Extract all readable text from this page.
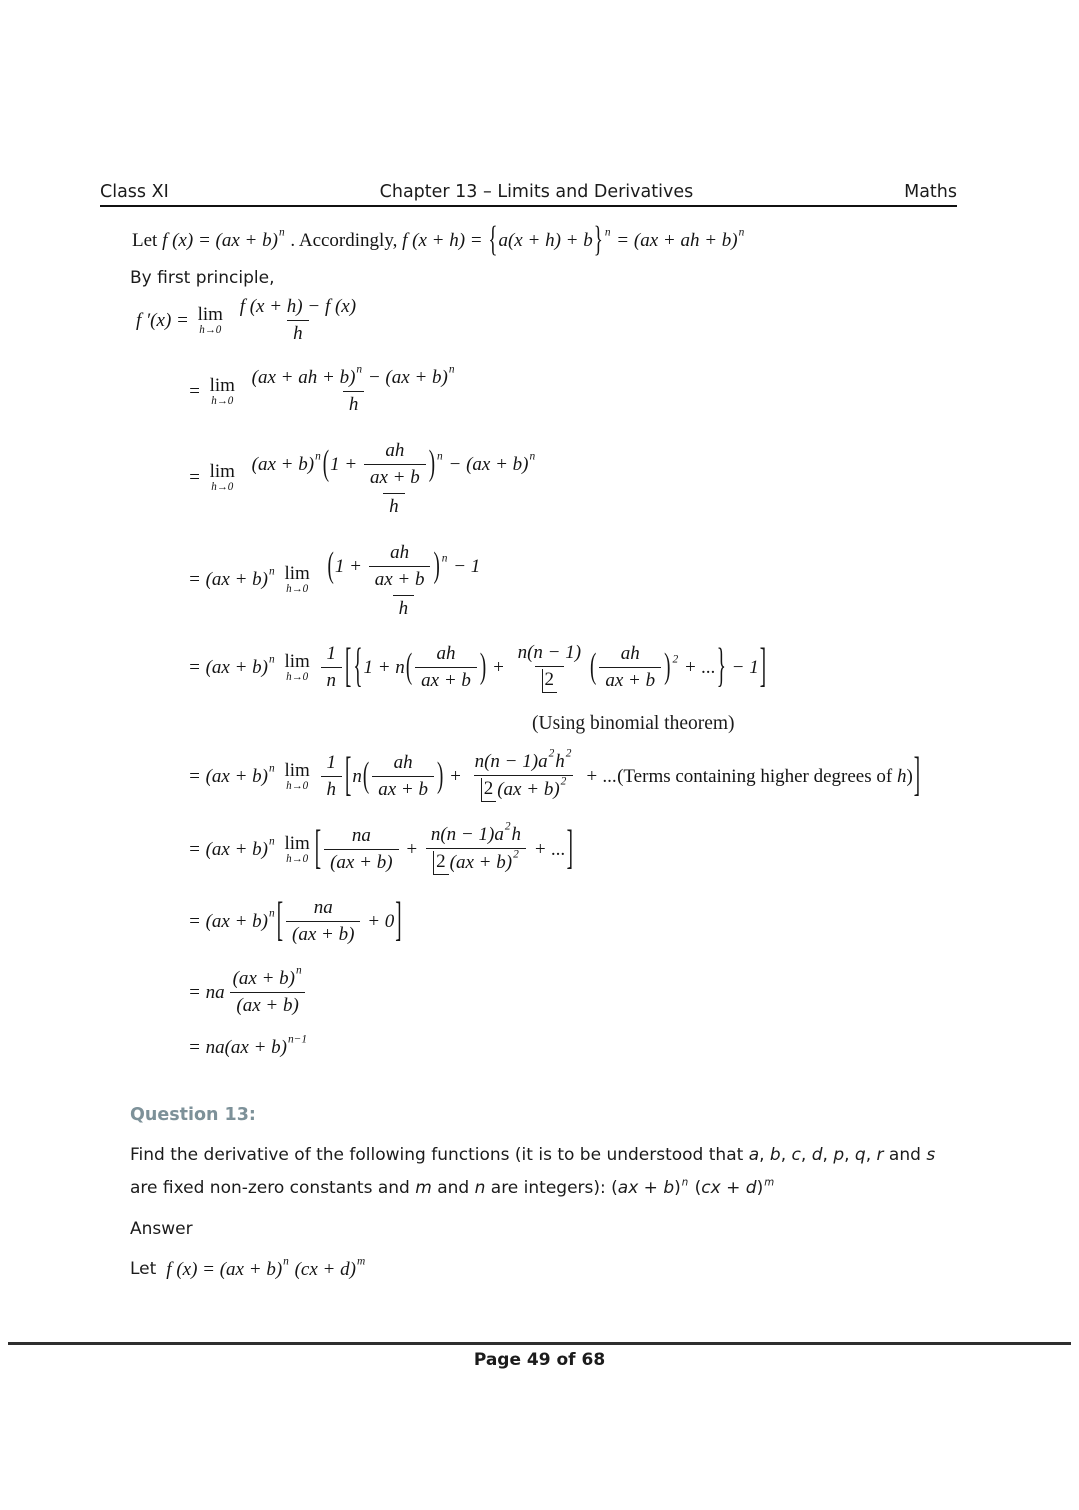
Class XI	Chapter 13 – Limits and Derivatives	Maths
Let f (x) = (ax + b) n . Accordingly, f (x + h) = { a(x + h) + b } n = (ax + ah + b) n
By first principle,
f ′(x) = lim
h→0

f (x + h) − f (x)
h
= lim
h→0

(ax + ah + b) n − (ax + b) n
h
= lim
h→0

(ax + b) n ( $1 + \frac{ah}{ax + b}$ ) n − (ax + b) n
h
= (ax + b) n
lim
h→0

( $1 + \frac{ah}{ax + b}$ ) n − 1
h
= (ax + b) n
lim
h→0

1
n [ { 1 + n ( ah
ax + b ) + $\frac{n(n - 1)}{2}$ ( ah
ax + b ) 2 + ... } − 1 ]
(Using binomial theorem)
= (ax + b) n
lim
h→0

1
h [ n ( ah
ax + b ) + $\frac{n(n - 1)a 2 h 2}{2 (ax + b) 2}$ + ... (Terms containing higher degrees of h ) ]
= (ax + b) n
lim
h→0 [ na
(ax + b)
+ $\frac{n(n - 1)a 2 h}{2 (ax + b) 2}$ + ... ]
= (ax + b) n [ na
(ax + b)
+ 0 ]
= na
(ax + b) n
(ax + b)
= na(ax + b) n−1
Question 13:
Find the derivative of the following functions (it is to be understood that a, b, c, d, p, q, r and s are fixed non-zero constants and m and n are integers): (ax + b)n (cx + d)m
Answer
Let f (x) = (ax + b) n (cx + d) m
Page 49 of 68
